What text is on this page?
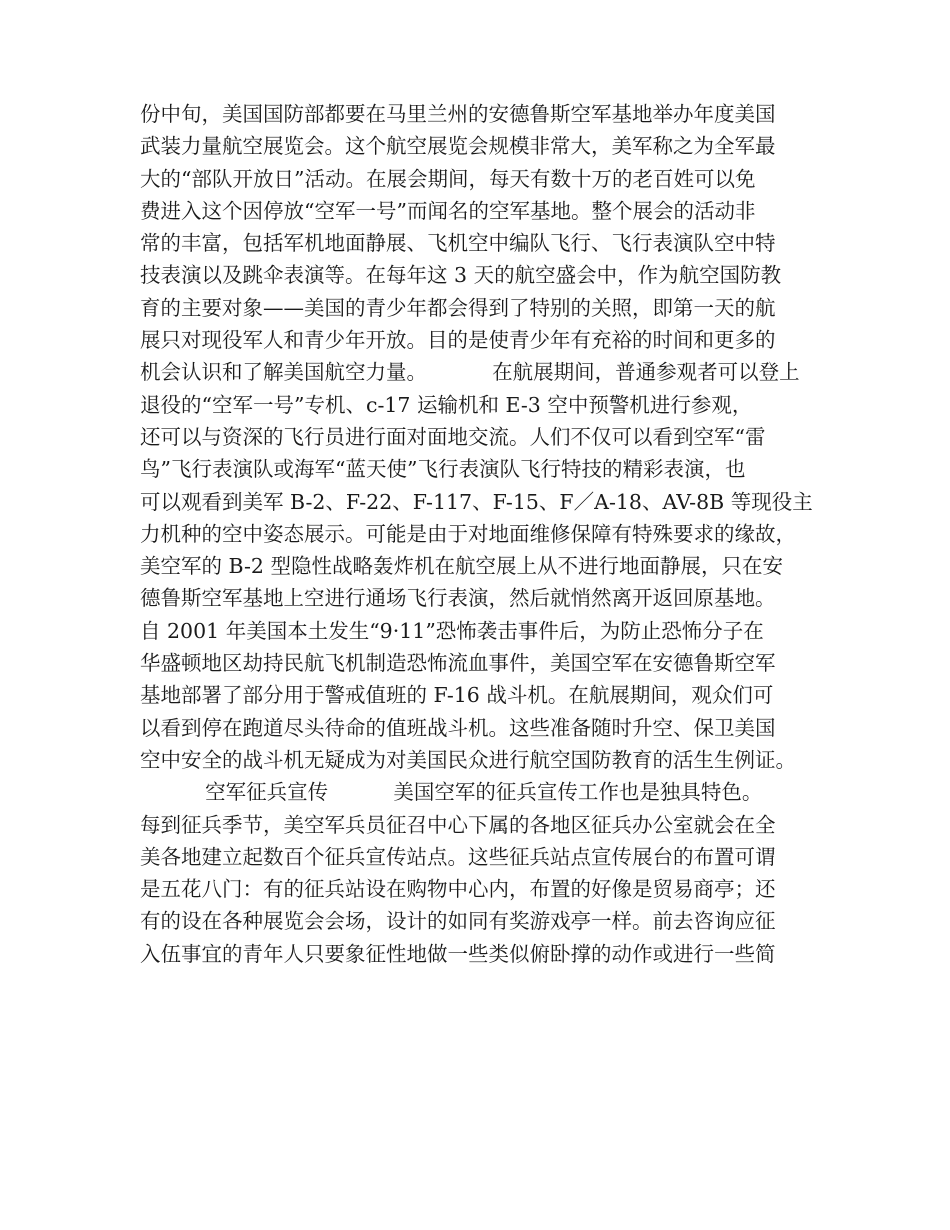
份中旬，美国国防部都要在马里兰州的安德鲁斯空军基地举办年度美国
武装力量航空展览会。这个航空展览会规模非常大，美军称之为全军最
大的“部队开放日”活动。在展会期间，每天有数十万的老百姓可以免
费进入这个因停放“空军一号”而闻名的空军基地。整个展会的活动非
常的丰富，包括军机地面静展、飞机空中编队飞行、飞行表演队空中特
技表演以及跳伞表演等。在每年这 3 天的航空盛会中，作为航空国防教
育的主要对象——美国的青少年都会得到了特别的关照，即第一天的航
展只对现役军人和青少年开放。目的是使青少年有充裕的时间和更多的
机会认识和了解美国航空力量。          在航展期间，普通参观者可以登上
退役的“空军一号”专机、c-17 运输机和 E-3 空中预警机进行参观，
还可以与资深的飞行员进行面对面地交流。人们不仅可以看到空军“雷
鸟”飞行表演队或海军“蓝天使”飞行表演队飞行特技的精彩表演，也
可以观看到美军 B-2、F-22、F-117、F-15、F／A-18、AV-8B 等现役主
力机种的空中姿态展示。可能是由于对地面维修保障有特殊要求的缘故，
美空军的 B-2 型隐性战略轰炸机在航空展上从不进行地面静展，只在安
德鲁斯空军基地上空进行通场飞行表演，然后就悄然离开返回原基地。
自 2001 年美国本土发生“9·11”恐怖袭击事件后，为防止恐怖分子在
华盛顿地区劫持民航飞机制造恐怖流血事件，美国空军在安德鲁斯空军
基地部署了部分用于警戒值班的 F-16 战斗机。在航展期间，观众们可
以看到停在跑道尽头待命的值班战斗机。这些准备随时升空、保卫美国
空中安全的战斗机无疑成为对美国民众进行航空国防教育的活生生例证。
空军征兵宣传          美国空军的征兵宣传工作也是独具特色。
每到征兵季节，美空军兵员征召中心下属的各地区征兵办公室就会在全
美各地建立起数百个征兵宣传站点。这些征兵站点宣传展台的布置可谓
是五花八门：有的征兵站设在购物中心内，布置的好像是贸易商亭；还
有的设在各种展览会会场，设计的如同有奖游戏亭一样。前去咨询应征
入伍事宜的青年人只要象征性地做一些类似俯卧撑的动作或进行一些简
